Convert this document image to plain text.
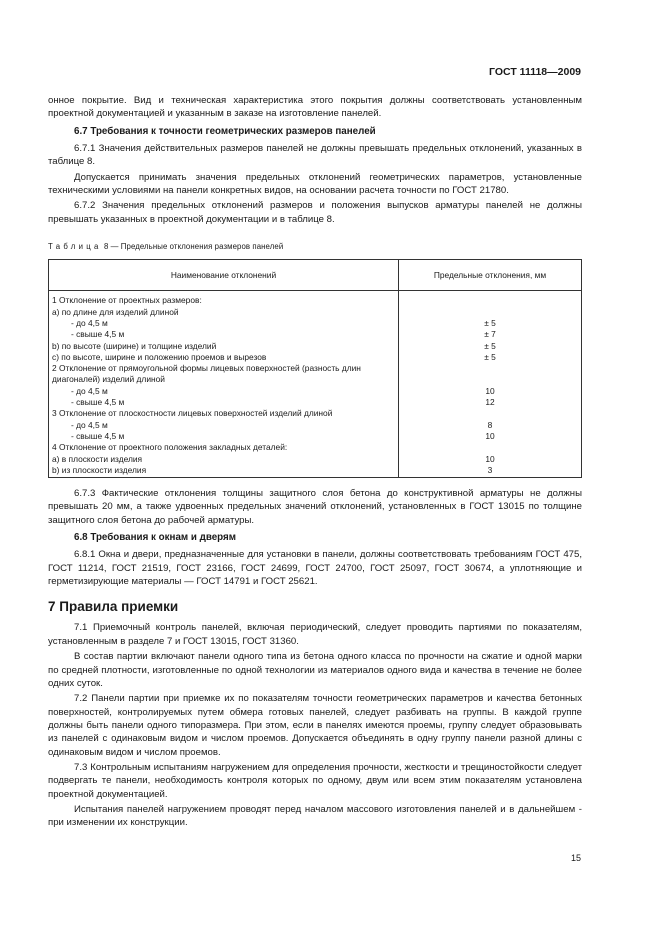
ГОСТ 11118—2009

онное покрытие. Вид и техническая характеристика этого покрытия должны соответствовать установленным проектной документацией и указанным в заказе на изготовление панелей.

6.7 Требования к точности геометрических размеров панелей

6.7.1 Значения действительных размеров панелей не должны превышать предельных отклонений, указанных в таблице 8.

Допускается принимать значения предельных отклонений геометрических параметров, установленные техническими условиями на панели конкретных видов, на основании расчета точности по ГОСТ 21780.

6.7.2 Значения предельных отклонений размеров и положения выпусков арматуры панелей не должны превышать указанных в проектной документации и в таблице 8.

Таблица 8 — Предельные отклонения размеров панелей
Наименование отклонений	Предельные отклонения, мм
1 Отклонение от проектных размеров:	
а) по длине для изделий длиной	
- до 4,5 м	± 5
- свыше 4,5 м	± 7
b) по высоте (ширине) и толщине изделий	± 5
c) по высоте, ширине и положению проемов и вырезов	± 5
2 Отклонение от прямоугольной формы лицевых поверхностей (разность длин диагоналей) изделий длиной	
- до 4,5 м	10
- свыше 4,5 м	12
3 Отклонение от плоскостности лицевых поверхностей изделий длиной	
- до 4,5 м	8
- свыше 4,5 м	10
4 Отклонение от проектного положения закладных деталей:	
а) в плоскости изделия	10
b) из плоскости изделия	3

6.7.3 Фактические отклонения толщины защитного слоя бетона до конструктивной арматуры не должны превышать 20 мм, а также удвоенных предельных значений отклонений, установленных в ГОСТ 13015 по толщине защитного слоя бетона до рабочей арматуры.

6.8 Требования к окнам и дверям

6.8.1 Окна и двери, предназначенные для установки в панели, должны соответствовать требованиям ГОСТ 475, ГОСТ 11214, ГОСТ 21519, ГОСТ 23166, ГОСТ 24699, ГОСТ 24700, ГОСТ 25097, ГОСТ 30674, а уплотняющие и герметизирующие материалы — ГОСТ 14791 и ГОСТ 25621.

7 Правила приемки

7.1 Приемочный контроль панелей, включая периодический, следует проводить партиями по показателям, установленным в разделе 7 и ГОСТ 13015, ГОСТ 31360.

В состав партии включают панели одного типа из бетона одного класса по прочности на сжатие и одной марки по средней плотности, изготовленные по одной технологии из материалов одного вида и качества в течение не более одних суток.

7.2 Панели партии при приемке их по показателям точности геометрических параметров и качества бетонных поверхностей, контролируемых путем обмера готовых панелей, следует разбивать на группы. В каждой группе должны быть панели одного типоразмера. При этом, если в панелях имеются проемы, группу следует образовывать из панелей с одинаковым видом и числом проемов. Допускается объединять в одну группу панели разной длины с одинаковым видом и числом проемов.

7.3 Контрольным испытаниям нагружением для определения прочности, жесткости и трещиностойкости следует подвергать те панели, необходимость контроля которых по одному, двум или всем этим показателям установлена проектной документацией.

Испытания панелей нагружением проводят перед началом массового изготовления панелей и в дальнейшем - при изменении их конструкции.

15
